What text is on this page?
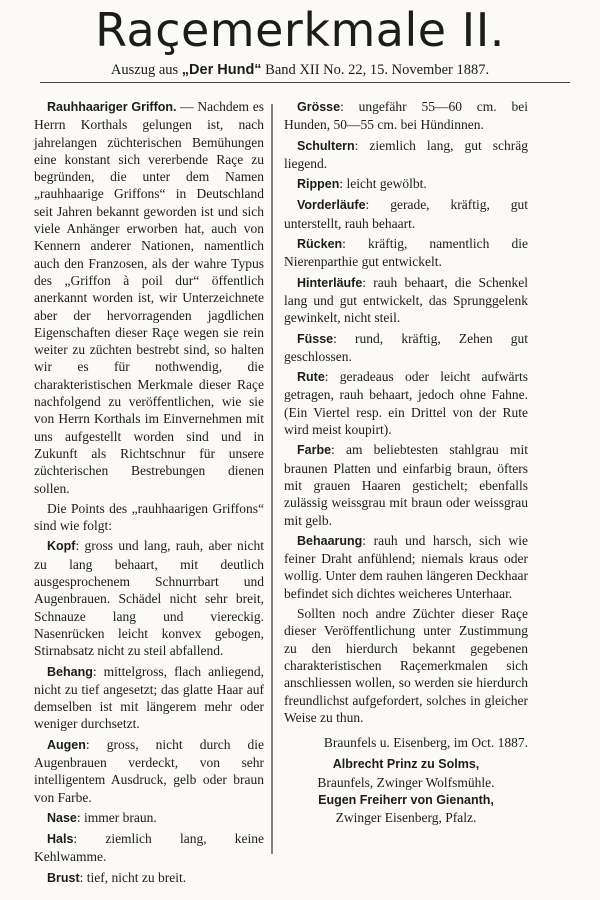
Raçemerkmale II.
Auszug aus „Der Hund“ Band XII No. 22, 15. November 1887.

Rauhhaariger Griffon. — Nachdem es Herrn Korthals gelungen ist, nach jahrelangen züchterischen Bemühungen eine konstant sich vererbende Raçe zu begründen, die unter dem Namen „rauhhaarige Griffons“ in Deutschland seit Jahren bekannt geworden ist und sich viele Anhänger erworben hat, auch von Kennern anderer Nationen, namentlich auch den Franzosen, als der wahre Typus des „Griffon à poil dur“ öffentlich anerkannt worden ist, wir Unterzeichnete aber der hervorragenden jagdlichen Eigenschaften dieser Raçe wegen sie rein weiter zu züchten bestrebt sind, so halten wir es für nothwendig, die charakteristischen Merkmale dieser Raçe nachfolgend zu veröffentlichen, wie sie von Herrn Korthals im Einvernehmen mit uns aufgestellt worden sind und in Zukunft als Richtschnur für unsere züchterischen Bestrebungen dienen sollen.

Die Points des „rauhhaarigen Griffons“ sind wie folgt:

Kopf: gross und lang, rauh, aber nicht zu lang behaart, mit deutlich ausgesprochenem Schnurrbart und Augenbrauen. Schädel nicht sehr breit, Schnauze lang und viereckig. Nasenrücken leicht konvex gebogen, Stirnabsatz nicht zu steil abfallend.

Behang: mittelgross, flach anliegend, nicht zu tief angesetzt; das glatte Haar auf demselben ist mit längerem mehr oder weniger durchsetzt.

Augen: gross, nicht durch die Augenbrauen verdeckt, von sehr intelligentem Ausdruck, gelb oder braun von Farbe.

Nase: immer braun.

Hals: ziemlich lang, keine Kehlwamme.

Brust: tief, nicht zu breit.

Grösse: ungefähr 55—60 cm. bei Hunden, 50—55 cm. bei Hündinnen.

Schultern: ziemlich lang, gut schräg liegend.

Rippen: leicht gewölbt.

Vorderläufe: gerade, kräftig, gut unterstellt, rauh behaart.

Rücken: kräftig, namentlich die Nierenparthie gut entwickelt.

Hinterläufe: rauh behaart, die Schenkel lang und gut entwickelt, das Sprunggelenk gewinkelt, nicht steil.

Füsse: rund, kräftig, Zehen gut geschlossen.

Rute: geradeaus oder leicht aufwärts getragen, rauh behaart, jedoch ohne Fahne. (Ein Viertel resp. ein Drittel von der Rute wird meist koupirt).

Farbe: am beliebtesten stahlgrau mit braunen Platten und einfarbig braun, öfters mit grauen Haaren gestichelt; ebenfalls zulässig weissgrau mit braun oder weissgrau mit gelb.

Behaarung: rauh und harsch, sich wie feiner Draht anfühlend; niemals kraus oder wollig. Unter dem rauhen längeren Deckhaar befindet sich dichtes weicheres Unterhaar.

Sollten noch andre Züchter dieser Raçe dieser Veröffentlichung unter Zustimmung zu den hierdurch bekannt gegebenen charakteristischen Raçemerkmalen sich anschliessen wollen, so werden sie hierdurch freundlichst aufgefordert, solches in gleicher Weise zu thun.

Braunfels u. Eisenberg, im Oct. 1887.

Albrecht Prinz zu Solms,

Braunfels, Zwinger Wolfsmühle.

Eugen Freiherr von Gienanth,

Zwinger Eisenberg, Pfalz.
